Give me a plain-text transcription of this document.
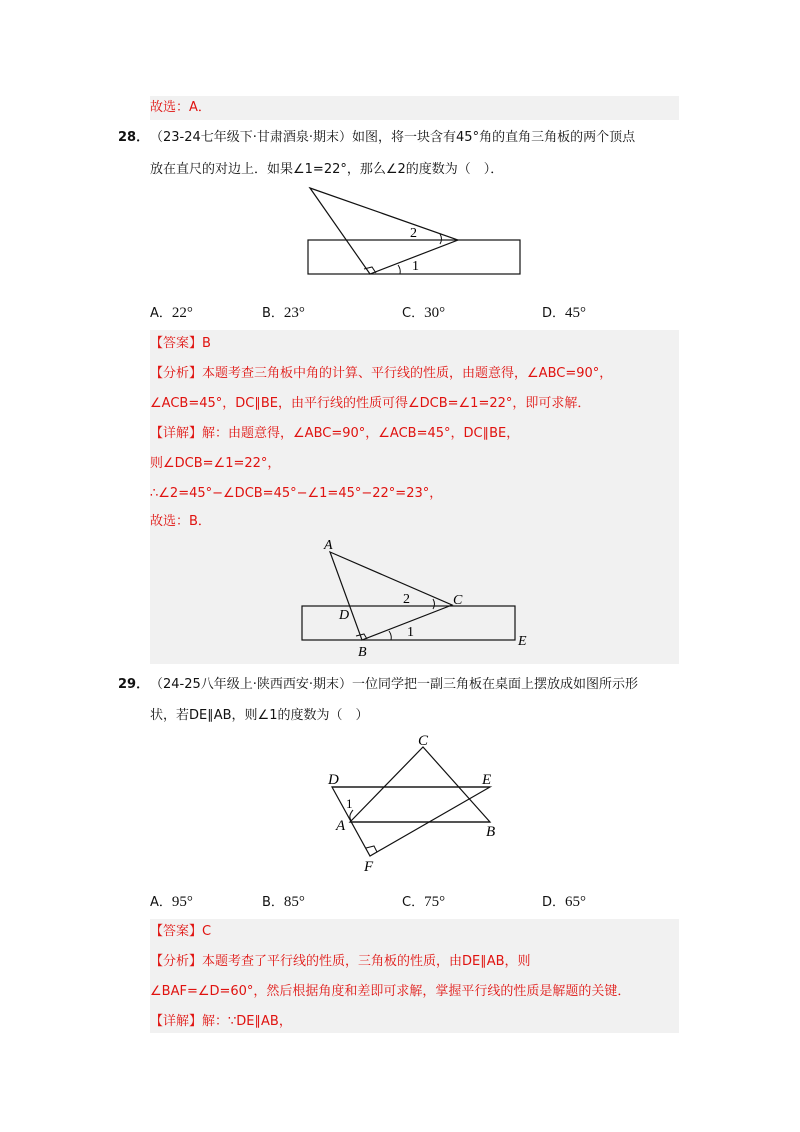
故选：A．
28． （23-24七年级下·甘肃酒泉·期末）如图，将一块含有45°角的直角三角板的两个顶点
放在直尺的对边上．如果∠1=22°，那么∠2的度数为（　）．
2
1
A．22°	B．23°	C．30°	D．45°
【答案】B
【分析】本题考查三角板中角的计算、平行线的性质，由题意得，∠ABC=90°，
∠ACB=45°，DC∥BE，由平行线的性质可得∠DCB=∠1=22°，即可求解．
【详解】解：由题意得，∠ABC=90°，∠ACB=45°，DC∥BE，
则∠DCB=∠1=22°，
∴∠2=45°−∠DCB=45°−∠1=45°−22°=23°，
故选：B．
A
C
D
B
E
2
1
29． （24-25八年级上·陕西西安·期末）一位同学把一副三角板在桌面上摆放成如图所示形
状，若DE∥AB，则∠1的度数为（　）
C
D	E
A	B
F
1
A．95°	B．85°	C．75°	D．65°
【答案】C
【分析】本题考查了平行线的性质，三角板的性质，由DE∥AB，则
∠BAF=∠D=60°，然后根据角度和差即可求解，掌握平行线的性质是解题的关键．
【详解】解：∵DE∥AB，
